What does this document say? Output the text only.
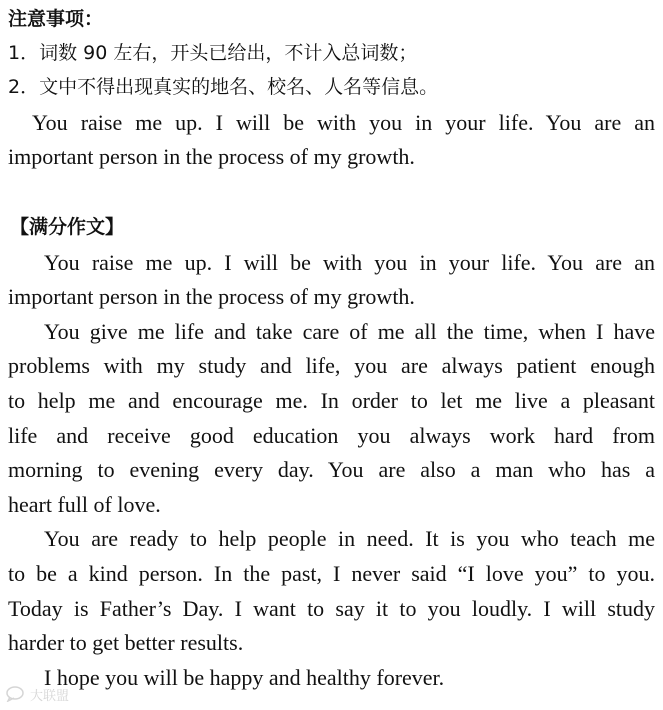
注意事项：
1．词数 90 左右，开头已给出，不计入总词数；
2．文中不得出现真实的地名、校名、人名等信息。
You raise me up. I will be with you in your life. You are an
important person in the process of my growth.
【满分作文】
You raise me up. I will be with you in your life. You are an
important person in the process of my growth.
You give me life and take care of me all the time, when I have
problems with my study and life, you are always patient enough
to help me and encourage me. In order to let me live a pleasant
life and receive good education you always work hard from
morning to evening every day. You are also a man who has a
heart full of love.
You are ready to help people in need. It is you who teach me
to be a kind person. In the past, I never said “I love you” to you.
Today is Father’s Day. I want to say it to you loudly. I will study
harder to get better results.
I hope you will be happy and healthy forever.
大联盟
